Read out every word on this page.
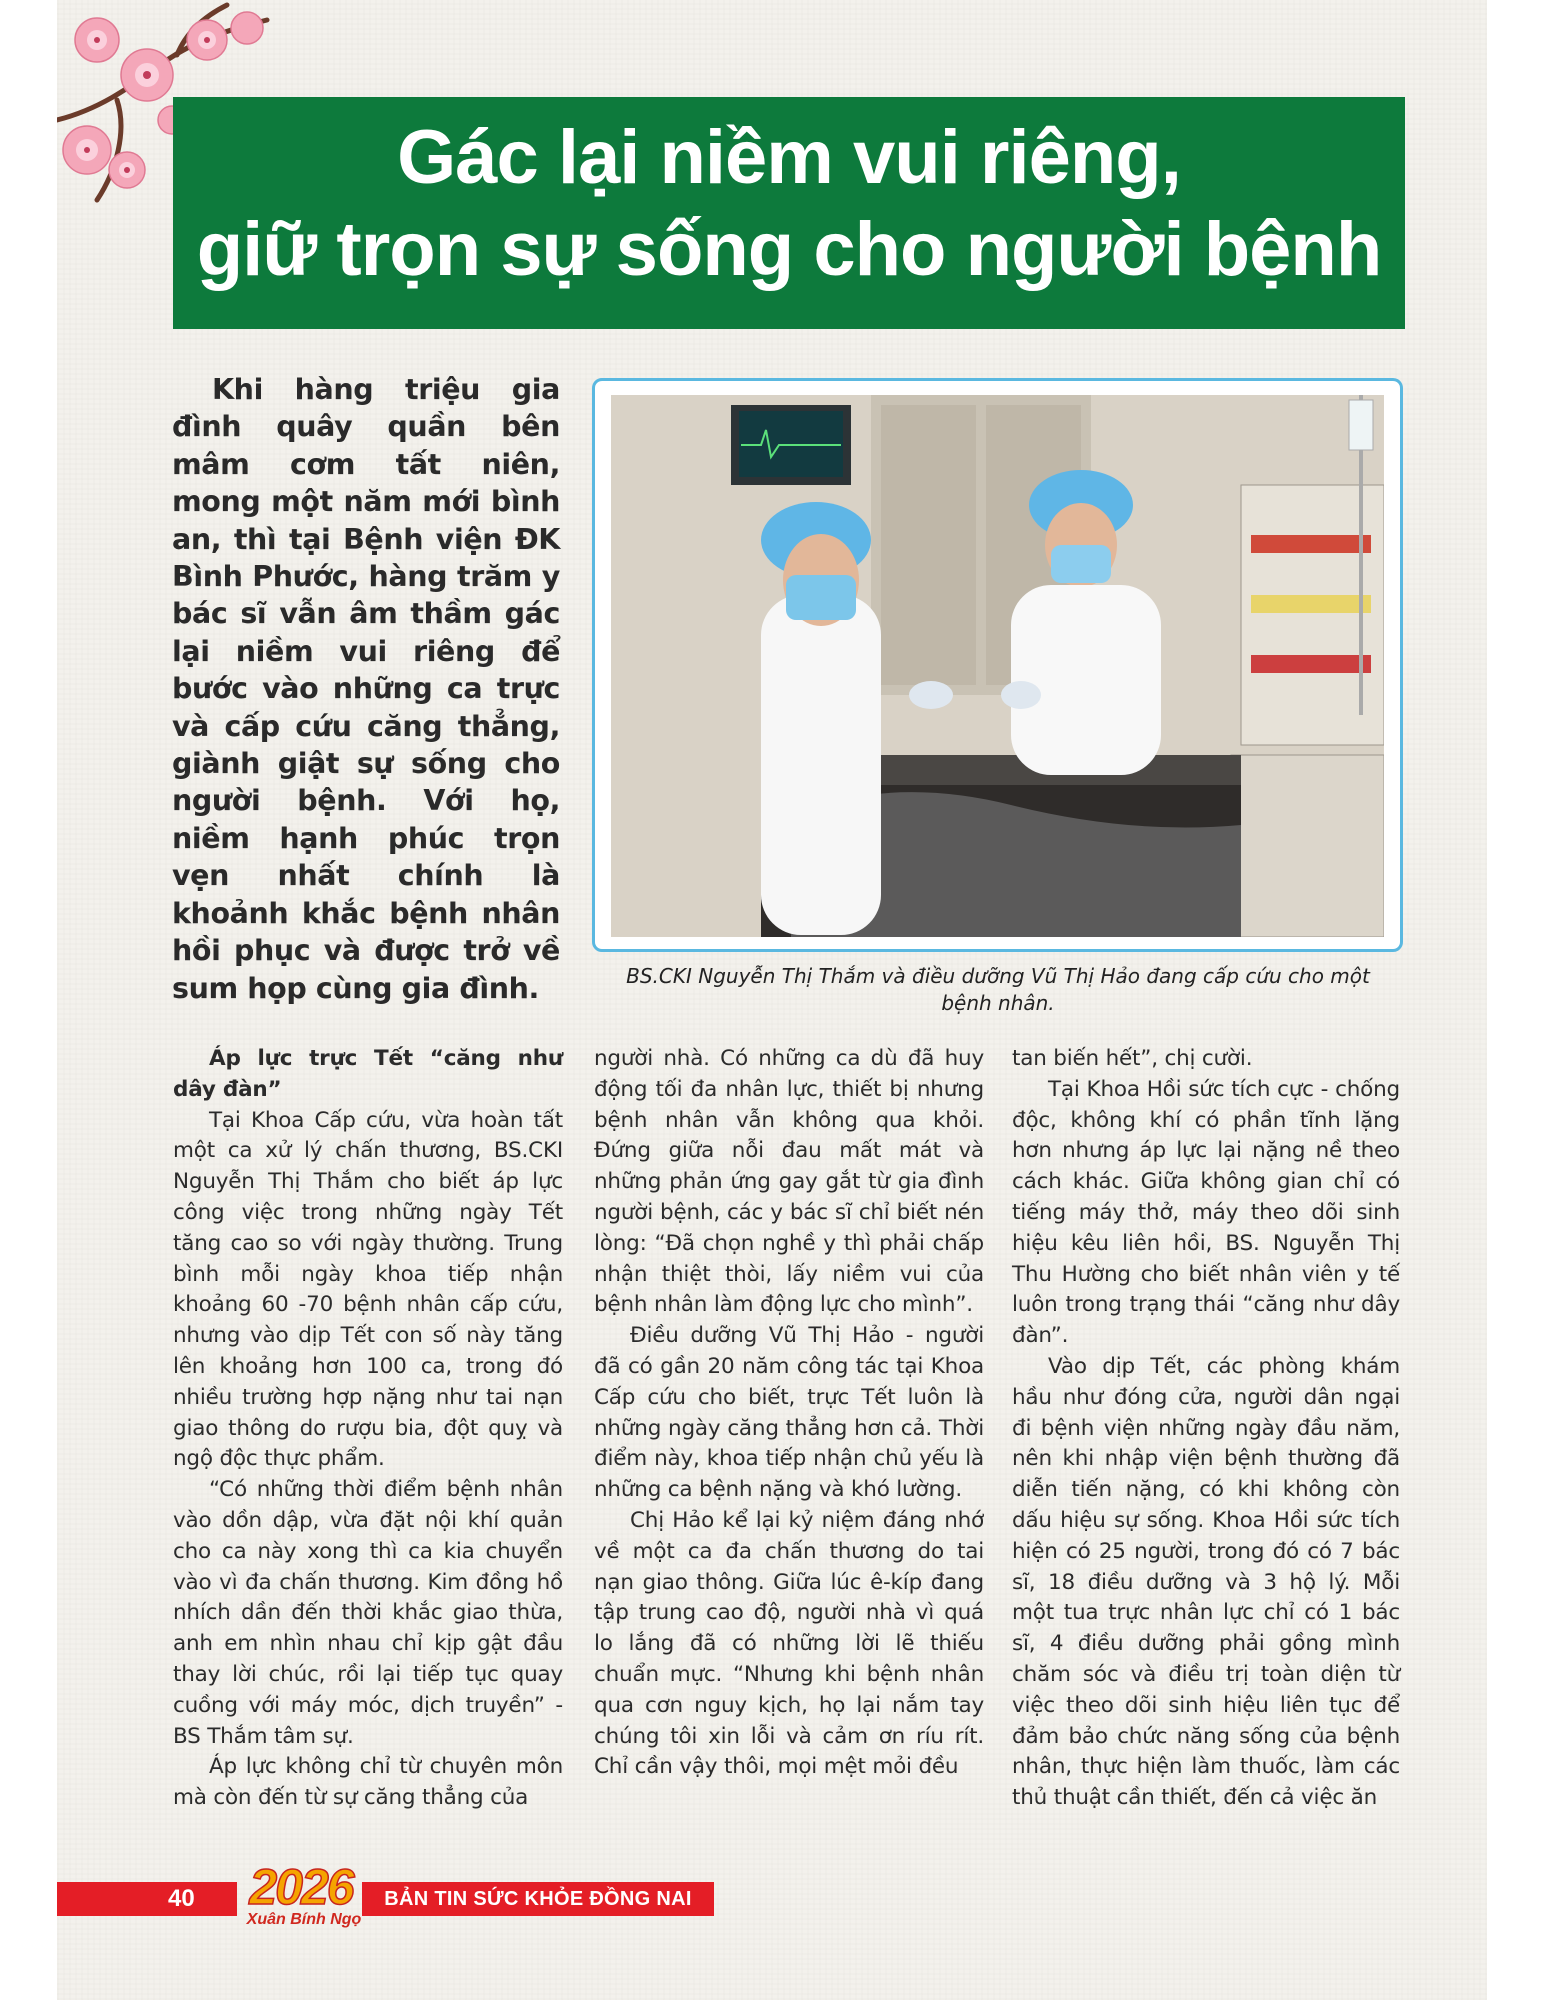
Gác lại niềm vui riêng,
giữ trọn sự sống cho người bệnh

Khi hàng triệu gia đình quây quần bên mâm cơm tất niên, mong một năm mới bình an, thì tại Bệnh viện ĐK Bình Phước, hàng trăm y bác sĩ vẫn âm thầm gác lại niềm vui riêng để bước vào những ca trực và cấp cứu căng thẳng, giành giật sự sống cho người bệnh. Với họ, niềm hạnh phúc trọn vẹn nhất chính là khoảnh khắc bệnh nhân hồi phục và được trở về sum họp cùng gia đình.	BS.CKI Nguyễn Thị Thắm và điều dưỡng Vũ Thị Hảo đang cấp cứu cho một bệnh nhân.

Áp lực trực Tết “căng như dây đàn”

Tại Khoa Cấp cứu, vừa hoàn tất một ca xử lý chấn thương, BS.CKI Nguyễn Thị Thắm cho biết áp lực công việc trong những ngày Tết tăng cao so với ngày thường. Trung bình mỗi ngày khoa tiếp nhận khoảng 60 -70 bệnh nhân cấp cứu, nhưng vào dịp Tết con số này tăng lên khoảng hơn 100 ca, trong đó nhiều trường hợp nặng như tai nạn giao thông do rượu bia, đột quỵ và ngộ độc thực phẩm.

“Có những thời điểm bệnh nhân vào dồn dập, vừa đặt nội khí quản cho ca này xong thì ca kia chuyển vào vì đa chấn thương. Kim đồng hồ nhích dần đến thời khắc giao thừa, anh em nhìn nhau chỉ kịp gật đầu thay lời chúc, rồi lại tiếp tục quay cuồng với máy móc, dịch truyền” - BS Thắm tâm sự.

Áp lực không chỉ từ chuyên môn mà còn đến từ sự căng thẳng của

người nhà. Có những ca dù đã huy động tối đa nhân lực, thiết bị nhưng bệnh nhân vẫn không qua khỏi. Đứng giữa nỗi đau mất mát và những phản ứng gay gắt từ gia đình người bệnh, các y bác sĩ chỉ biết nén lòng: “Đã chọn nghề y thì phải chấp nhận thiệt thòi, lấy niềm vui của bệnh nhân làm động lực cho mình”.

Điều dưỡng Vũ Thị Hảo - người đã có gần 20 năm công tác tại Khoa Cấp cứu cho biết, trực Tết luôn là những ngày căng thẳng hơn cả. Thời điểm này, khoa tiếp nhận chủ yếu là những ca bệnh nặng và khó lường.

Chị Hảo kể lại kỷ niệm đáng nhớ về một ca đa chấn thương do tai nạn giao thông. Giữa lúc ê-kíp đang tập trung cao độ, người nhà vì quá lo lắng đã có những lời lẽ thiếu chuẩn mực. “Nhưng khi bệnh nhân qua cơn nguy kịch, họ lại nắm tay chúng tôi xin lỗi và cảm ơn ríu rít. Chỉ cần vậy thôi, mọi mệt mỏi đều

tan biến hết”, chị cười.

Tại Khoa Hồi sức tích cực - chống độc, không khí có phần tĩnh lặng hơn nhưng áp lực lại nặng nề theo cách khác. Giữa không gian chỉ có tiếng máy thở, máy theo dõi sinh hiệu kêu liên hồi, BS. Nguyễn Thị Thu Hường cho biết nhân viên y tế luôn trong trạng thái “căng như dây đàn”.

Vào dịp Tết, các phòng khám hầu như đóng cửa, người dân ngại đi bệnh viện những ngày đầu năm, nên khi nhập viện bệnh thường đã diễn tiến nặng, có khi không còn dấu hiệu sự sống. Khoa Hồi sức tích hiện có 25 người, trong đó có 7 bác sĩ, 18 điều dưỡng và 3 hộ lý. Mỗi một tua trực nhân lực chỉ có 1 bác sĩ, 4 điều dưỡng phải gồng mình chăm sóc và điều trị toàn diện từ việc theo dõi sinh hiệu liên tục để đảm bảo chức năng sống của bệnh nhân, thực hiện làm thuốc, làm các thủ thuật cần thiết, đến cả việc ăn

40 2026
Xuân Bính Ngọ
BẢN TIN SỨC KHỎE ĐỒNG NAI
